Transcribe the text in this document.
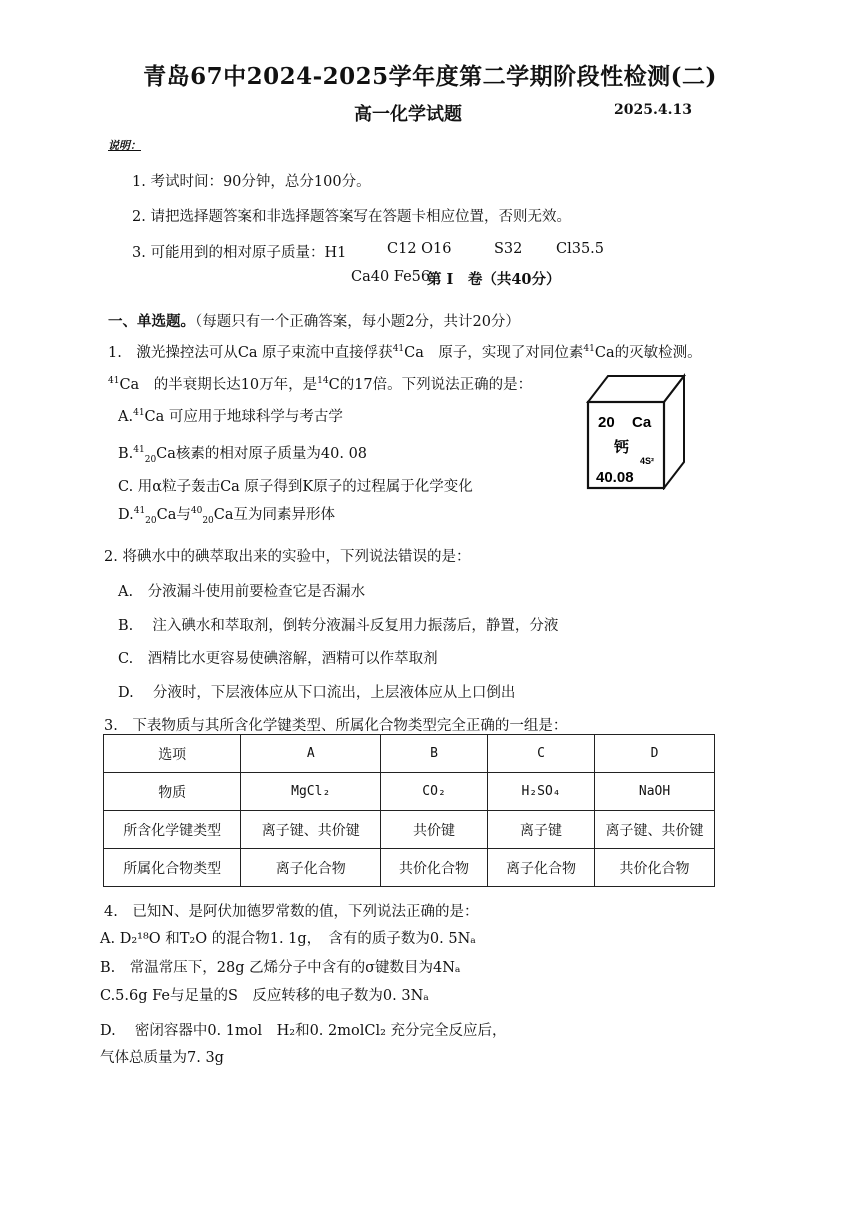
青岛67中2024-2025学年度第二学期阶段性检测(二)
高一化学试题	2025.4.13
说明：
1. 考试时间：90分钟，总分100分。
2. 请把选择题答案和非选择题答案写在答题卡相应位置，否则无效。
3. 可能用到的相对原子质量：H1	C12 O16	S32 Cl35.5
Ca40 Fe56
第 I　卷（共40分）
一、单选题。（每题只有一个正确答案，每小题2分，共计20分）
1.　激光操控法可从Ca 原子束流中直接俘获$^{41}$Ca　原子，实现了对同位素$^{41}$Ca的灭敏检测。
$^{41}$Ca　的半衰期长达10万年，是$^{14}$C的17倍。下列说法正确的是：
A.$^{41}$Ca 可应用于地球科学与考古学
B.$^{41}_{20}$Ca核素的相对原子质量为40. 08
C. 用α粒子轰击Ca 原子得到K原子的过程属于化学变化
D.$^{41}_{20}$Ca与$^{40}_{20}$Ca互为同素异形体
20 Ca
钙
4S²
40.08
2. 将碘水中的碘萃取出来的实验中，下列说法错误的是：
A.　分液漏斗使用前要检查它是否漏水
B.　 注入碘水和萃取剂，倒转分液漏斗反复用力振荡后，静置，分液
C.　酒精比水更容易使碘溶解，酒精可以作萃取剂
D.　 分液时，下层液体应从下口流出，上层液体应从上口倒出
3.　下表物质与其所含化学键类型、所属化合物类型完全正确的一组是：
选项	A	B	C	D
物质	MgCl₂	CO₂	H₂SO₄	NaOH
所含化学键类型	离子键、共价键	共价键	离子键	离子键、共价键
所属化合物类型	离子化合物	共价化合物	离子化合物	共价化合物
4.　已知N、是阿伏加德罗常数的值，下列说法正确的是：
A. D₂¹⁸O 和T₂O 的混合物1. 1g，　含有的质子数为0. 5Nₐ
B.　常温常压下，28g 乙烯分子中含有的σ键数目为4Nₐ
C.5.6g Fe与足量的S　反应转移的电子数为0. 3Nₐ
D.　 密闭容器中0. 1mol　H₂和0. 2molCl₂ 充分完全反应后，
气体总质量为7. 3g
